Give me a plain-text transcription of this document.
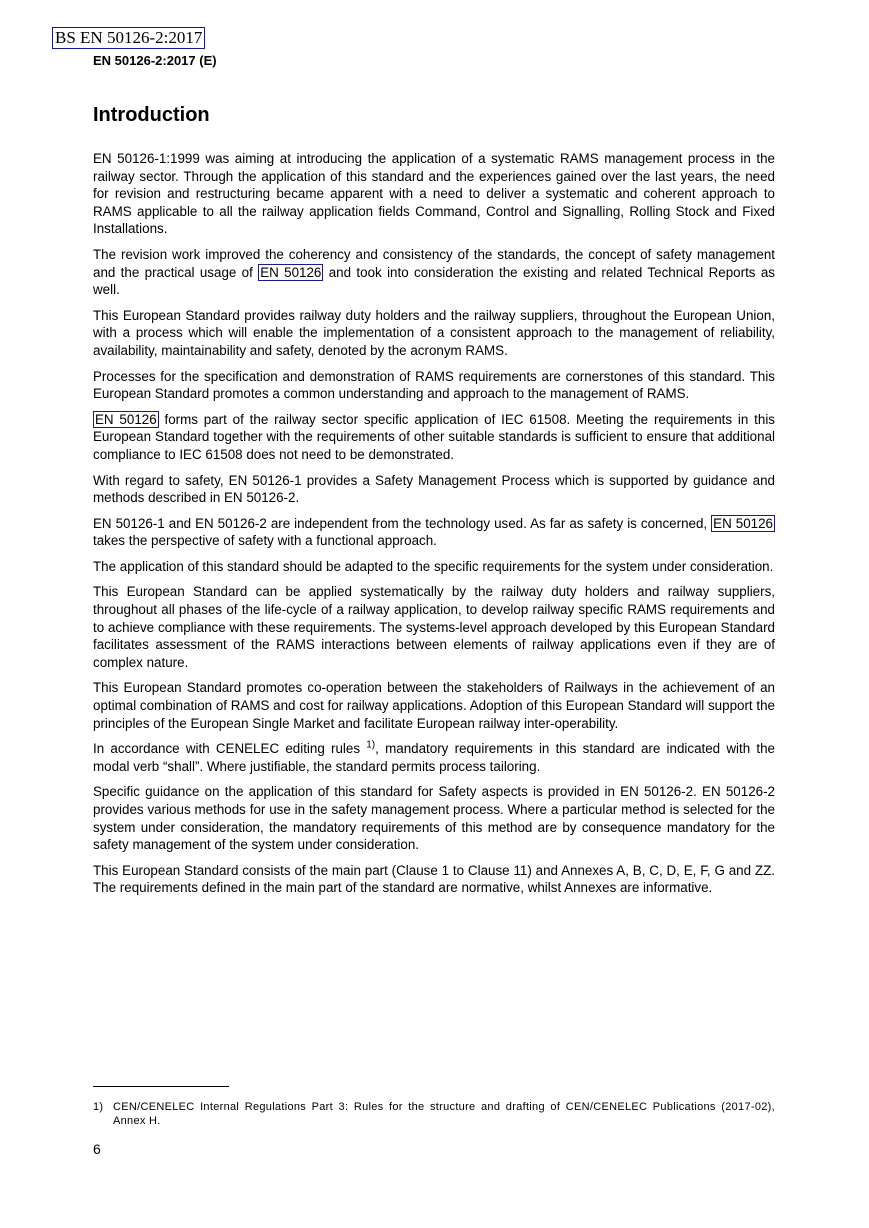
BS EN 50126-2:2017
EN 50126-2:2017 (E)
Introduction

EN 50126-1:1999 was aiming at introducing the application of a systematic RAMS management process in the railway sector. Through the application of this standard and the experiences gained over the last years, the need for revision and restructuring became apparent with a need to deliver a systematic and coherent approach to RAMS applicable to all the railway application fields Command, Control and Signalling, Rolling Stock and Fixed Installations.

The revision work improved the coherency and consistency of the standards, the concept of safety management and the practical usage of EN 50126 and took into consideration the existing and related Technical Reports as well.

This European Standard provides railway duty holders and the railway suppliers, throughout the European Union, with a process which will enable the implementation of a consistent approach to the management of reliability, availability, maintainability and safety, denoted by the acronym RAMS.

Processes for the specification and demonstration of RAMS requirements are cornerstones of this standard. This European Standard promotes a common understanding and approach to the management of RAMS.

EN 50126 forms part of the railway sector specific application of IEC 61508. Meeting the requirements in this European Standard together with the requirements of other suitable standards is sufficient to ensure that additional compliance to IEC 61508 does not need to be demonstrated.

With regard to safety, EN 50126-1 provides a Safety Management Process which is supported by guidance and methods described in EN 50126-2.

EN 50126-1 and EN 50126-2 are independent from the technology used. As far as safety is concerned, EN 50126 takes the perspective of safety with a functional approach.

The application of this standard should be adapted to the specific requirements for the system under consideration.

This European Standard can be applied systematically by the railway duty holders and railway suppliers, throughout all phases of the life-cycle of a railway application, to develop railway specific RAMS requirements and to achieve compliance with these requirements. The systems-level approach developed by this European Standard facilitates assessment of the RAMS interactions between elements of railway applications even if they are of complex nature.

This European Standard promotes co-operation between the stakeholders of Railways in the achievement of an optimal combination of RAMS and cost for railway applications. Adoption of this European Standard will support the principles of the European Single Market and facilitate European railway inter-operability.

In accordance with CENELEC editing rules $^{1)}$, mandatory requirements in this standard are indicated with the modal verb “shall”. Where justifiable, the standard permits process tailoring.

Specific guidance on the application of this standard for Safety aspects is provided in EN 50126-2. EN 50126-2 provides various methods for use in the safety management process. Where a particular method is selected for the system under consideration, the mandatory requirements of this method are by consequence mandatory for the safety management of the system under consideration.

This European Standard consists of the main part (Clause 1 to Clause 11) and Annexes A, B, C, D, E, F, G and ZZ. The requirements defined in the main part of the standard are normative, whilst Annexes are informative.

1) CEN/CENELEC Internal Regulations Part 3: Rules for the structure and drafting of CEN/CENELEC Publications (2017-02), Annex H.
6
